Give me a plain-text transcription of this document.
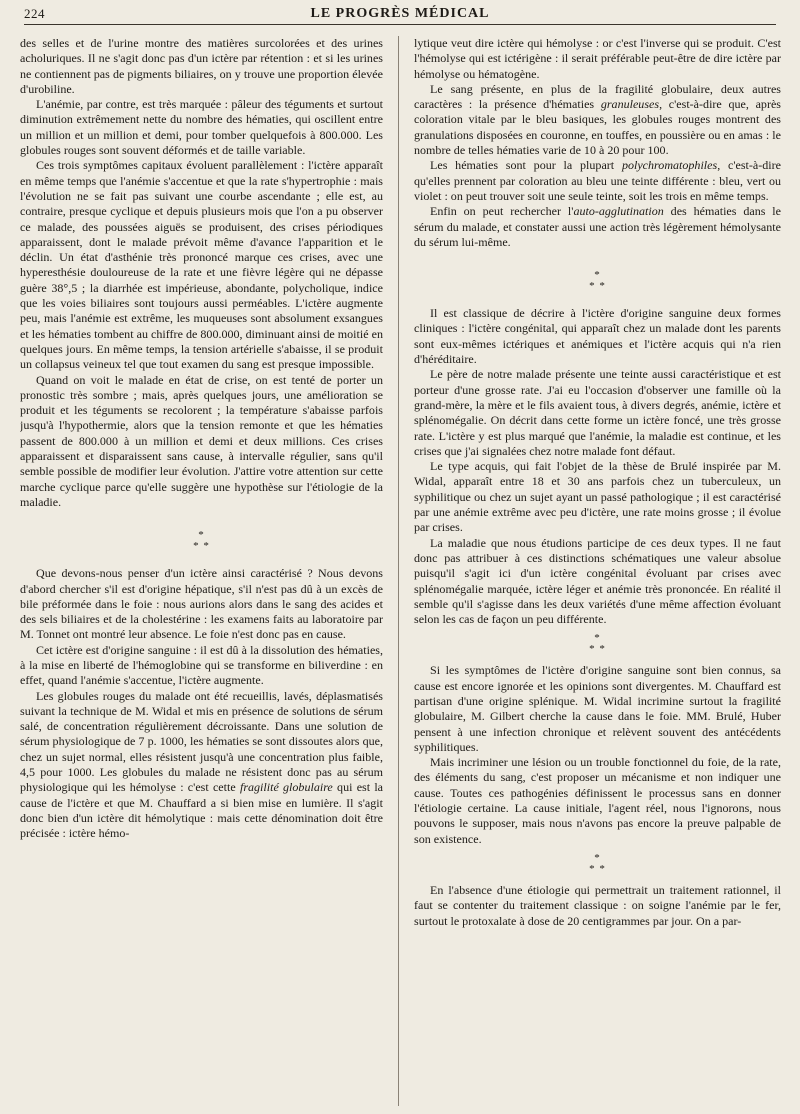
224	LE PROGRÈS MÉDICAL

des selles et de l'urine montre des matières surcolorées et des urines acholuriques. Il ne s'agit donc pas d'un ictère par rétention : et si les urines ne contiennent pas de pigments biliaires, on y trouve une proportion élevée d'urobiline.

L'anémie, par contre, est très marquée : pâleur des téguments et surtout diminution extrêmement nette du nombre des hématies, qui oscillent entre un million et un million et demi, pour tomber quelquefois à 800.000. Les globules rouges sont souvent déformés et de taille variable.

Ces trois symptômes capitaux évoluent parallèlement : l'ictère apparaît en même temps que l'anémie s'accentue et que la rate s'hypertrophie : mais l'évolution ne se fait pas suivant une courbe ascendante ; elle est, au contraire, presque cyclique et depuis plusieurs mois que l'on a pu observer ce malade, des poussées aiguës se produisent, des crises périodiques apparaissent, dont le malade prévoit même d'avance l'apparition et le déclin. Un état d'asthénie très prononcé marque ces crises, avec une hyperesthésie douloureuse de la rate et une fièvre légère qui ne dépasse guère 38°,5 ; la diarrhée est impérieuse, abondante, polycholique, indice que les voies biliaires sont toujours aussi perméables. L'ictère augmente peu, mais l'anémie est extrême, les muqueuses sont absolument exsangues et les hématies tombent au chiffre de 800.000, diminuant ainsi de moitié en quelques jours. En même temps, la tension artérielle s'abaisse, il se produit un collapsus veineux tel que tout examen du sang est presque impossible.

Quand on voit le malade en état de crise, on est tenté de porter un pronostic très sombre ; mais, après quelques jours, une amélioration se produit et les téguments se recolorent ; la température s'abaisse parfois jusqu'à l'hypothermie, alors que la tension remonte et que les hématies passent de 800.000 à un million et demi et deux millions. Ces crises apparaissent et disparaissent sans cause, à intervalle régulier, sans qu'il semble possible de modifier leur évolution. J'attire votre attention sur cette marche cyclique parce qu'elle suggère une hypothèse sur l'étiologie de la maladie.

*
* *

Que devons-nous penser d'un ictère ainsi caractérisé ? Nous devons d'abord chercher s'il est d'origine hépatique, s'il n'est pas dû à un excès de bile préformée dans le foie : nous aurions alors dans le sang des acides et des sels biliaires et de la cholestérine : les examens faits au laboratoire par M. Tonnet ont montré leur absence. Le foie n'est donc pas en cause.

Cet ictère est d'origine sanguine : il est dû à la dissolution des hématies, à la mise en liberté de l'hémoglobine qui se transforme en biliverdine : en effet, quand l'anémie s'accentue, l'ictère augmente.

Les globules rouges du malade ont été recueillis, lavés, déplasmatisés suivant la technique de M. Widal et mis en présence de solutions de sérum salé, de concentration régulièrement décroissante. Dans une solution de sérum physiologique de 7 p. 1000, les hématies se sont dissoutes alors que, chez un sujet normal, elles résistent jusqu'à une concentration plus faible, 4,5 pour 1000. Les globules du malade ne résistent donc pas au sérum physiologique qui les hémolyse : c'est cette fragilité globulaire qui est la cause de l'ictère et que M. Chauffard a si bien mise en lumière. Il s'agit donc bien d'un ictère dit hémolytique : mais cette dénomination doit être précisée : ictère hémo-

lytique veut dire ictère qui hémolyse : or c'est l'inverse qui se produit. C'est l'hémolyse qui est ictérigène : il serait préférable peut-être de dire ictère par hémolyse ou hématogène.

Le sang présente, en plus de la fragilité globulaire, deux autres caractères : la présence d'hématies granuleuses, c'est-à-dire que, après coloration vitale par le bleu basiques, les globules rouges montrent des granulations disposées en couronne, en touffes, en poussière ou en amas : le nombre de telles hématies varie de 10 à 20 pour 100.

Les hématies sont pour la plupart polychromatophiles, c'est-à-dire qu'elles prennent par coloration au bleu une teinte différente : bleu, vert ou violet : on peut trouver soit une seule teinte, soit les trois en même temps.

Enfin on peut rechercher l'auto-agglutination des hématies dans le sérum du malade, et constater aussi une action très légèrement hémolysante du sérum lui-même.

*
* *

Il est classique de décrire à l'ictère d'origine sanguine deux formes cliniques : l'ictère congénital, qui apparaît chez un malade dont les parents sont eux-mêmes ictériques et anémiques et l'ictère acquis qui n'a rien d'héréditaire.

Le père de notre malade présente une teinte aussi caractéristique et est porteur d'une grosse rate. J'ai eu l'occasion d'observer une famille où la grand-mère, la mère et le fils avaient tous, à divers degrés, anémie, ictère et splénomégalie. On décrit dans cette forme un ictère foncé, une très grosse rate. L'ictère y est plus marqué que l'anémie, la maladie est continue, et les crises que j'ai signalées chez notre malade font défaut.

Le type acquis, qui fait l'objet de la thèse de Brulé inspirée par M. Widal, apparaît entre 18 et 30 ans parfois chez un tuberculeux, un syphilitique ou chez un sujet ayant un passé pathologique ; il est caractérisé par une anémie extrême avec peu d'ictère, une rate moins grosse ; il évolue par crises.

La maladie que nous étudions participe de ces deux types. Il ne faut donc pas attribuer à ces distinctions schématiques une valeur absolue puisqu'il s'agit ici d'un ictère congénital évoluant par crises avec splénomégalie marquée, ictère léger et anémie très prononcée. En réalité il semble qu'il s'agisse dans les deux variétés d'une même affection évoluant selon les cas de façon un peu différente.

*
* *

Si les symptômes de l'ictère d'origine sanguine sont bien connus, sa cause est encore ignorée et les opinions sont divergentes. M. Chauffard est partisan d'une origine splénique. M. Widal incrimine surtout la fragilité globulaire, M. Gilbert cherche la cause dans le foie. MM. Brulé, Huber pensent à une infection chronique et relèvent souvent des antécédents syphilitiques.

Mais incriminer une lésion ou un trouble fonctionnel du foie, de la rate, des éléments du sang, c'est proposer un mécanisme et non indiquer une cause. Toutes ces pathogénies définissent le processus sans en donner l'étiologie certaine. La cause initiale, l'agent réel, nous l'ignorons, nous pouvons le supposer, mais nous n'avons pas encore la preuve palpable de son existence.

*
* *

En l'absence d'une étiologie qui permettrait un traitement rationnel, il faut se contenter du traitement classique : on soigne l'anémie par le fer, surtout le protoxalate à dose de 20 centigrammes par jour. On a par-
